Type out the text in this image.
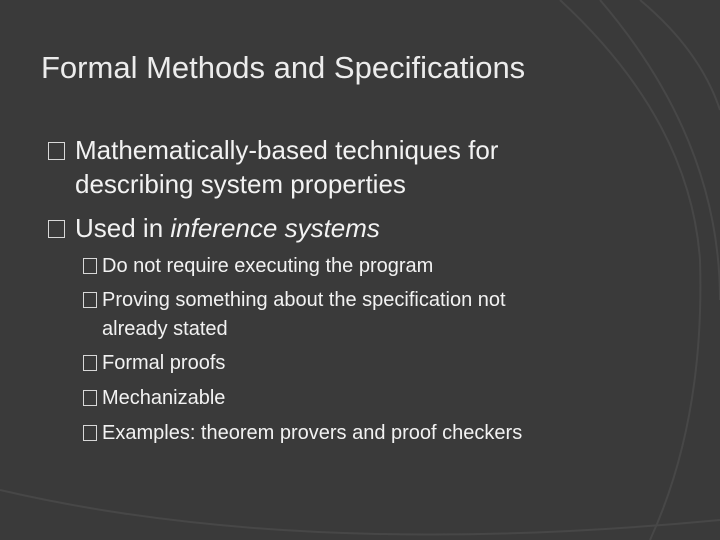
Formal Methods and Specifications
Mathematically-based techniques for
describing system properties
Used in inference systems
Do not require executing the program
Proving something about the specification not
already stated
Formal proofs
Mechanizable
Examples: theorem provers and proof checkers
